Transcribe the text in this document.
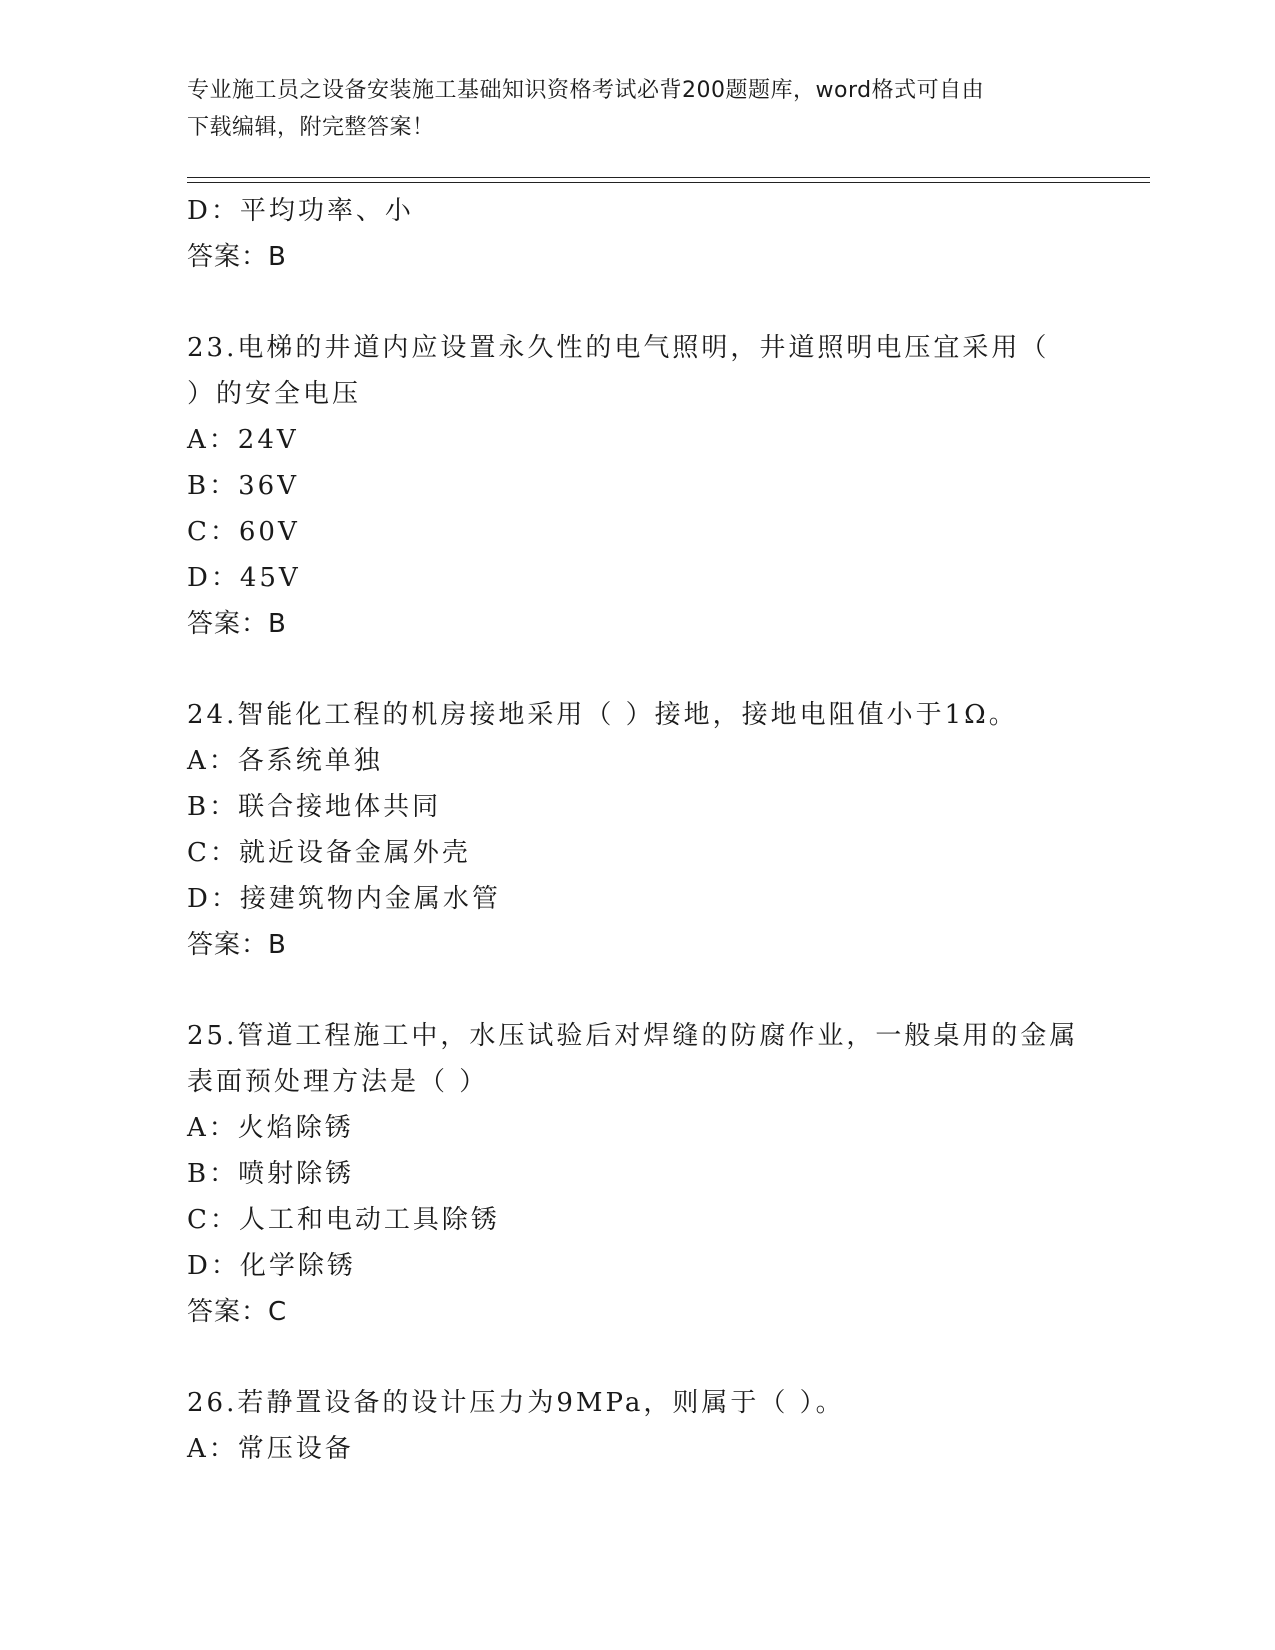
专业施工员之设备安装施工基础知识资格考试必背200题题库，word格式可自由
下载编辑，附完整答案！
D：平均功率、小
答案：B
23.电梯的井道内应设置永久性的电气照明，井道照明电压宜采用（
）的安全电压
A：24V
B：36V
C：60V
D：45V
答案：B
24.智能化工程的机房接地采用（ ）接地，接地电阻值小于1Ω。
A：各系统单独
B：联合接地体共同
C：就近设备金属外壳
D：接建筑物内金属水管
答案：B
25.管道工程施工中，水压试验后对焊缝的防腐作业，一般桌用的金属
表面预处理方法是（ ）
A：火焰除锈
B：喷射除锈
C：人工和电动工具除锈
D：化学除锈
答案：C
26.若静置设备的设计压力为9MPa，则属于（ ）。
A：常压设备
